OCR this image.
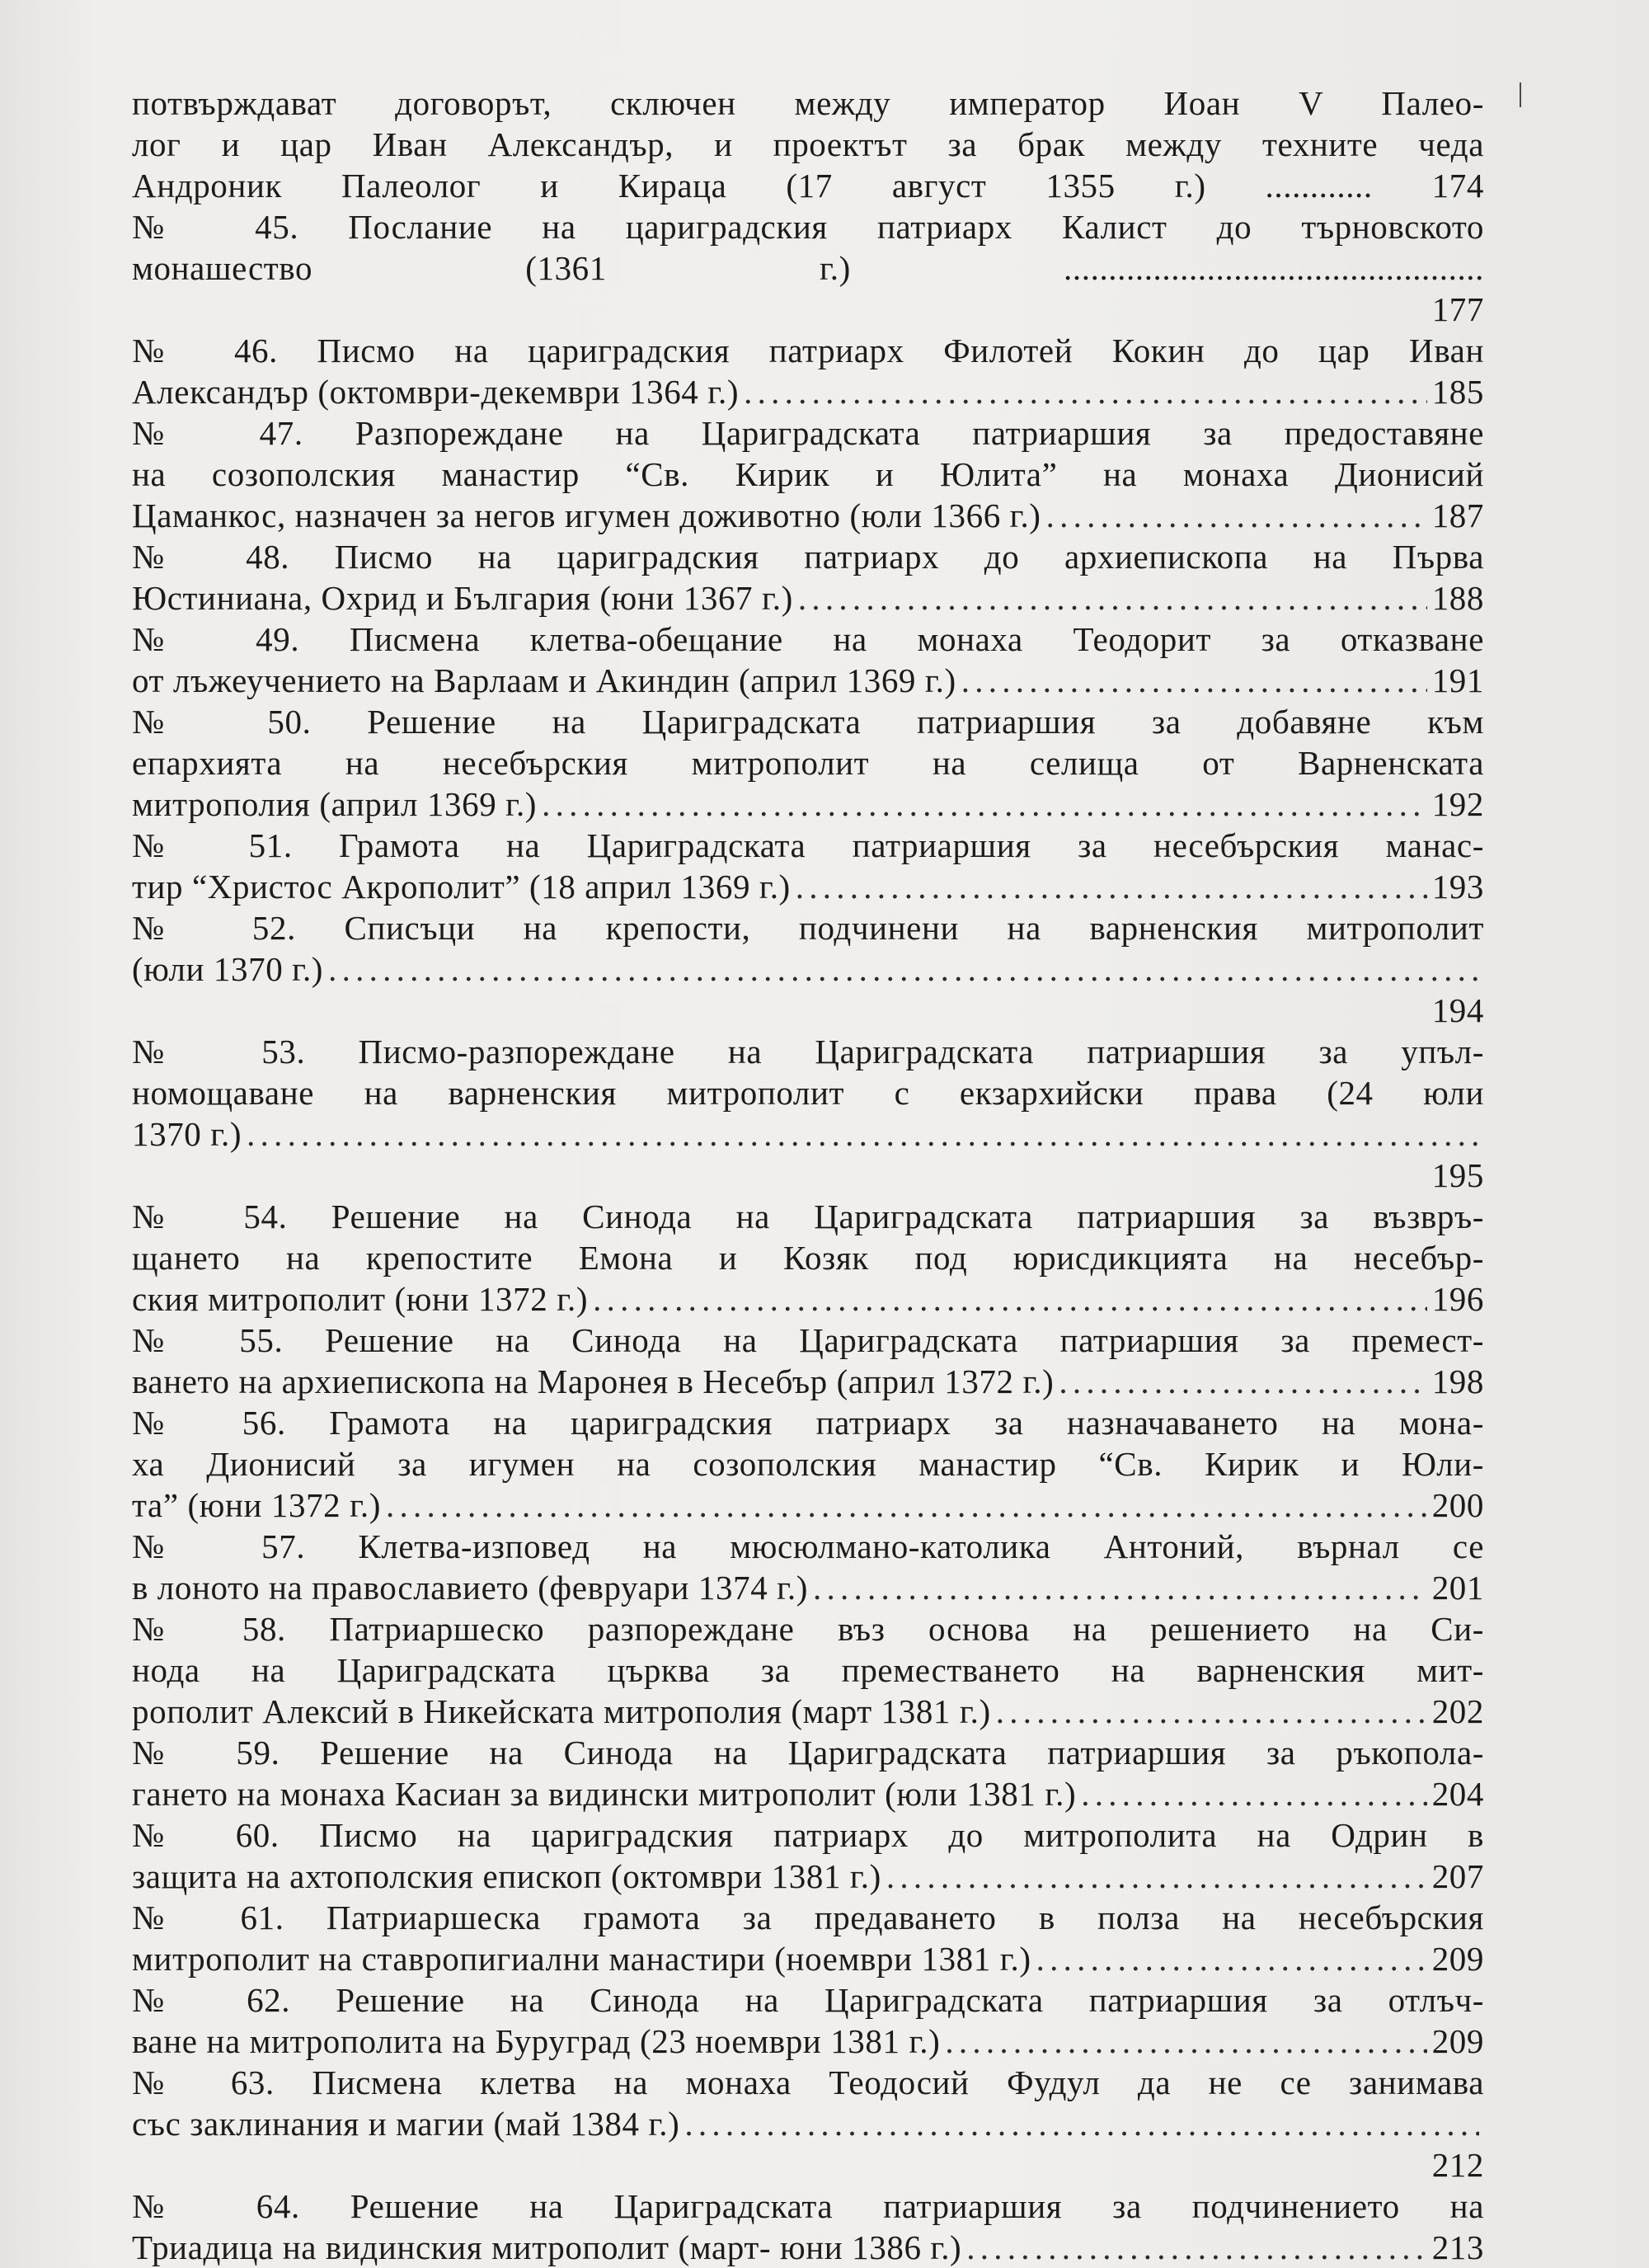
потвърждават договорът, сключен между император Иоан V Палео-
лог и цар Иван Александър, и проектът за брак между техните чеда
Андроник Палеолог и Кираца (17 август 1355 г.) ............ 174
№ 45. Послание на цариградския патриарх Калист до търновското
монашество (1361 г.) ...............................................
177
№ 46. Писмо на цариградския патриарх Филотей Кокин до цар Иван
Александър (октомври-декември 1364 г.) . . .	185
№ 47. Разпореждане на Цариградската патриаршия за предоставяне
на созополския манастир “Св. Кирик и Юлита” на монаха Дионисий
Цаманкос, назначен за негов игумен доживотно (юли 1366 г.) . . .	187
№ 48. Писмо на цариградския патриарх до архиепископа на Първа
Юстиниана, Охрид и България (юни 1367 г.) . . .	188
№ 49. Писмена клетва-обещание на монаха Теодорит за отказване
от лъжеучението на Варлаам и Акиндин (април 1369 г.) . . .	191
№ 50. Решение на Цариградската патриаршия за добавяне към
епархията на несебърския митрополит на селища от Варненската
митрополия (април 1369 г.) . . .	192
№ 51. Грамота на Цариградската патриаршия за несебърския манас-
тир “Христос Акрополит” (18 април 1369 г.) . . .	193
№ 52. Списъци на крепости, подчинени на варненския митрополит
(юли 1370 г.)
. . .
194
№ 53. Писмо-разпореждане на Цариградската патриаршия за упъл-
номощаване на варненския митрополит с екзархийски права (24 юли
1370 г.)
. . .
195
№ 54. Решение на Синода на Цариградската патриаршия за възвръ-
щането на крепостите Емона и Козяк под юрисдикцията на несебър-
ския митрополит (юни 1372 г.) . . .	196
№ 55. Решение на Синода на Цариградската патриаршия за премест-
ването на архиепископа на Маронея в Несебър (април 1372 г.) . . .	198
№ 56. Грамота на цариградския патриарх за назначаването на мона-
ха Дионисий за игумен на созополския манастир “Св. Кирик и Юли-
та” (юни 1372 г.) . . .	200
№ 57. Клетва-изповед на мюсюлмано-католика Антоний, върнал се
в лоното на православието (февруари 1374 г.) . . .	201
№ 58. Патриаршеско разпореждане въз основа на решението на Си-
нода на Цариградската църква за преместването на варненския мит-
рополит Алексий в Никейската митрополия (март 1381 г.) . . .	202
№ 59. Решение на Синода на Цариградската патриаршия за ръкопола-
гането на монаха Касиан за видински митрополит (юли 1381 г.) . . .	204
№ 60. Писмо на цариградския патриарх до митрополита на Одрин в
защита на ахтополския епископ (октомври 1381 г.) . . .	207
№ 61. Патриаршеска грамота за предаването в полза на несебърския
митрополит на ставропигиални манастири (ноември 1381 г.) . . .	209
№ 62. Решение на Синода на Цариградската патриаршия за отлъч-
ване на митрополита на Буруград (23 ноември 1381 г.) . . .	209
№ 63. Писмена клетва на монаха Теодосий Фудул да не се занимава
със заклинания и магии (май 1384 г.)
. . .
212
№ 64. Решение на Цариградската патриаршия за подчинението на
Триадица на видинския митрополит (март- юни 1386 г.) . . .	213
